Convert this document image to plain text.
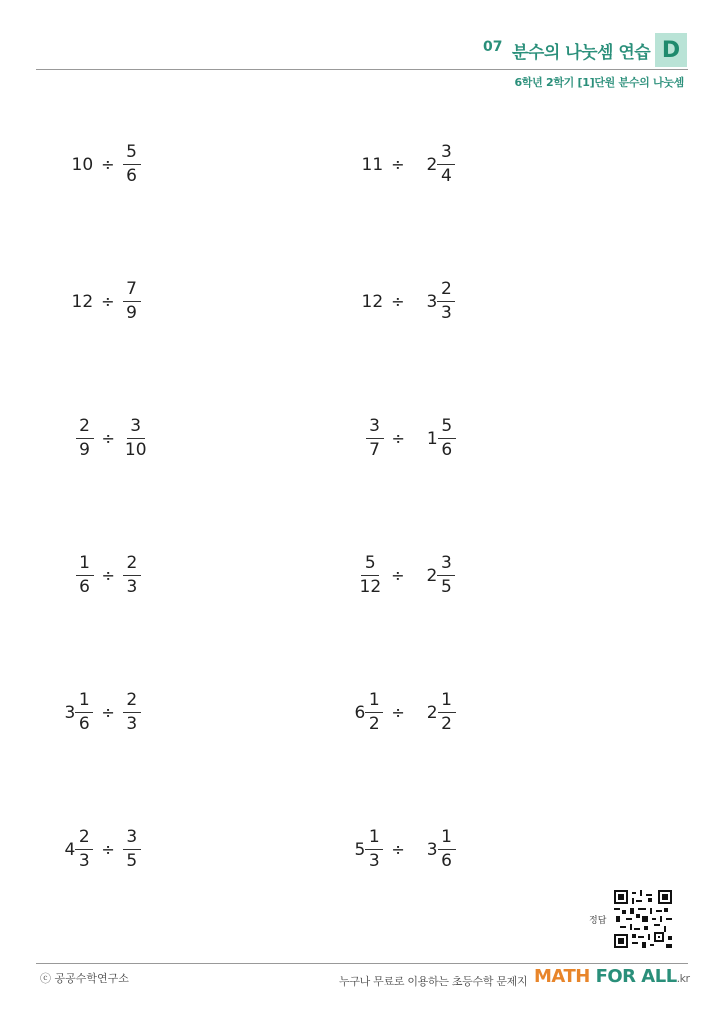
07 분수의 나눗셈 연습 D
6학년 2학기 [1]단원 분수의 나눗셈
$10 \div \frac{5}{6}$	$11 \div 2 \frac{3}{4}$
$12 \div \frac{7}{9}$	$12 \div 3 \frac{2}{3}$
$\frac{2}{9} \div \frac{3}{10}$	$\frac{3}{7} \div 1 \frac{5}{6}$
$\frac{1}{6} \div \frac{2}{3}$	$\frac{5}{12} \div 2 \frac{3}{5}$
$3 \frac{1}{6} \div \frac{2}{3}$	$6 \frac{1}{2} \div 2 \frac{1}{2}$
$4 \frac{2}{3} \div \frac{3}{5}$	$5 \frac{1}{3} \div 3 \frac{1}{6}$
정답
ⓒ 공공수학연구소	누구나 무료로 이용하는 초등수학 문제지 MATH FOR ALL.kr
